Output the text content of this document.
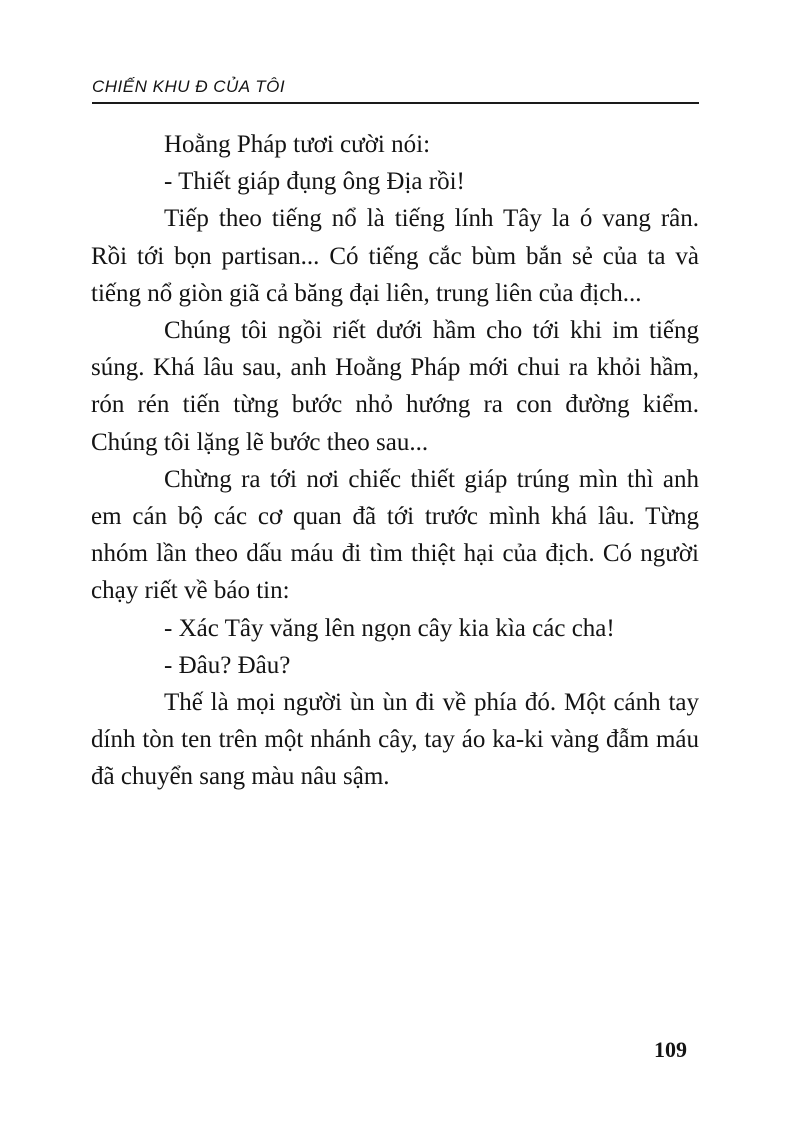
CHIẾN KHU Đ CỦA TÔI

Hoằng Pháp tươi cười nói:

- Thiết giáp đụng ông Địa rồi!

Tiếp theo tiếng nổ là tiếng lính Tây la ó vang rân. Rồi tới bọn partisan... Có tiếng cắc bùm bắn sẻ của ta và tiếng nổ giòn giã cả băng đại liên, trung liên của địch...

Chúng tôi ngồi riết dưới hầm cho tới khi im tiếng súng. Khá lâu sau, anh Hoằng Pháp mới chui ra khỏi hầm, rón rén tiến từng bước nhỏ hướng ra con đường kiểm. Chúng tôi lặng lẽ bước theo sau...

Chừng ra tới nơi chiếc thiết giáp trúng mìn thì anh em cán bộ các cơ quan đã tới trước mình khá lâu. Từng nhóm lần theo dấu máu đi tìm thiệt hại của địch. Có người chạy riết về báo tin:

- Xác Tây văng lên ngọn cây kia kìa các cha!

- Đâu? Đâu?

Thế là mọi người ùn ùn đi về phía đó. Một cánh tay dính tòn ten trên một nhánh cây, tay áo ka-ki vàng đẫm máu đã chuyển sang màu nâu sậm.

109
